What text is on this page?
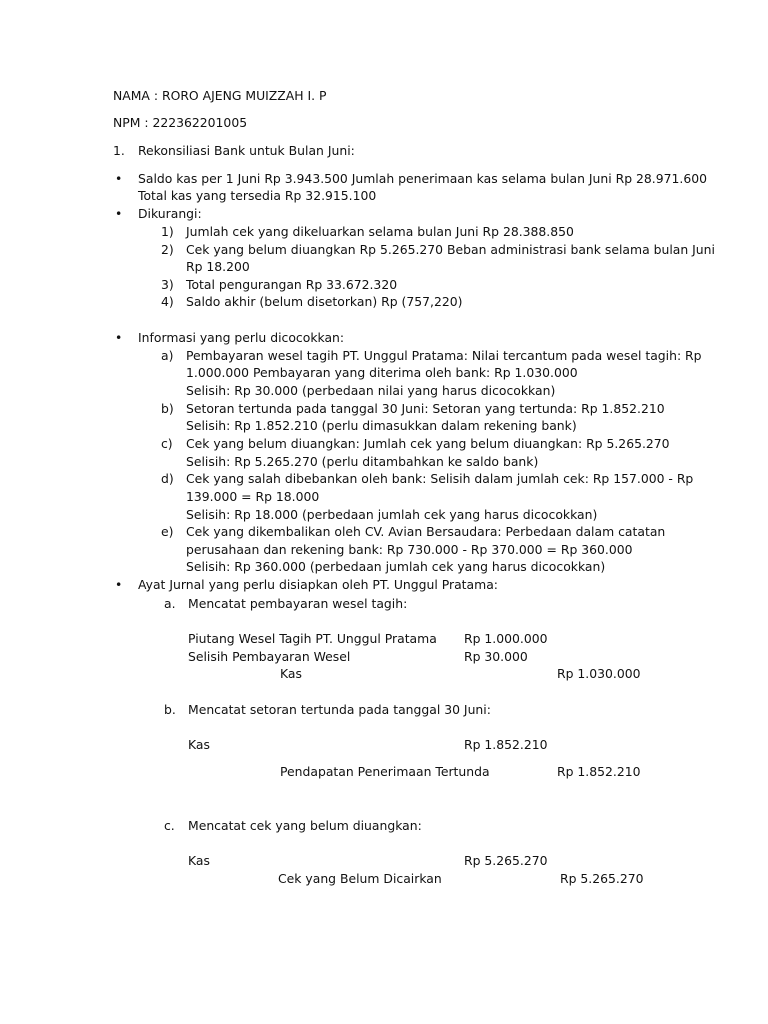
NAMA : RORO AJENG MUIZZAH I. P
NPM : 222362201005
1. Rekonsiliasi Bank untuk Bulan Juni:
• Saldo kas per 1 Juni Rp 3.943.500 Jumlah penerimaan kas selama bulan Juni Rp 28.971.600
Total kas yang tersedia Rp 32.915.100
• Dikurangi:
1) Jumlah cek yang dikeluarkan selama bulan Juni Rp 28.388.850
2) Cek yang belum diuangkan Rp 5.265.270 Beban administrasi bank selama bulan Juni
Rp 18.200
3) Total pengurangan Rp 33.672.320
4) Saldo akhir (belum disetorkan) Rp (757,220)
• Informasi yang perlu dicocokkan:
a) Pembayaran wesel tagih PT. Unggul Pratama: Nilai tercantum pada wesel tagih: Rp
1.000.000 Pembayaran yang diterima oleh bank: Rp 1.030.000
Selisih: Rp 30.000 (perbedaan nilai yang harus dicocokkan)
b) Setoran tertunda pada tanggal 30 Juni: Setoran yang tertunda: Rp 1.852.210
Selisih: Rp 1.852.210 (perlu dimasukkan dalam rekening bank)
c) Cek yang belum diuangkan: Jumlah cek yang belum diuangkan: Rp 5.265.270
Selisih: Rp 5.265.270 (perlu ditambahkan ke saldo bank)
d) Cek yang salah dibebankan oleh bank: Selisih dalam jumlah cek: Rp 157.000 - Rp
139.000 = Rp 18.000
Selisih: Rp 18.000 (perbedaan jumlah cek yang harus dicocokkan)
e) Cek yang dikembalikan oleh CV. Avian Bersaudara: Perbedaan dalam catatan
perusahaan dan rekening bank: Rp 730.000 - Rp 370.000 = Rp 360.000
Selisih: Rp 360.000 (perbedaan jumlah cek yang harus dicocokkan)
• Ayat Jurnal yang perlu disiapkan oleh PT. Unggul Pratama:
a. Mencatat pembayaran wesel tagih:
Piutang Wesel Tagih PT. Unggul Pratama Rp 1.000.000
Selisih Pembayaran Wesel	Rp 30.000
Kas	Rp 1.030.000
b. Mencatat setoran tertunda pada tanggal 30 Juni:
Kas	Rp 1.852.210
Pendapatan Penerimaan Tertunda	Rp 1.852.210
c. Mencatat cek yang belum diuangkan:
Kas	Rp 5.265.270
Cek yang Belum Dicairkan	Rp 5.265.270
